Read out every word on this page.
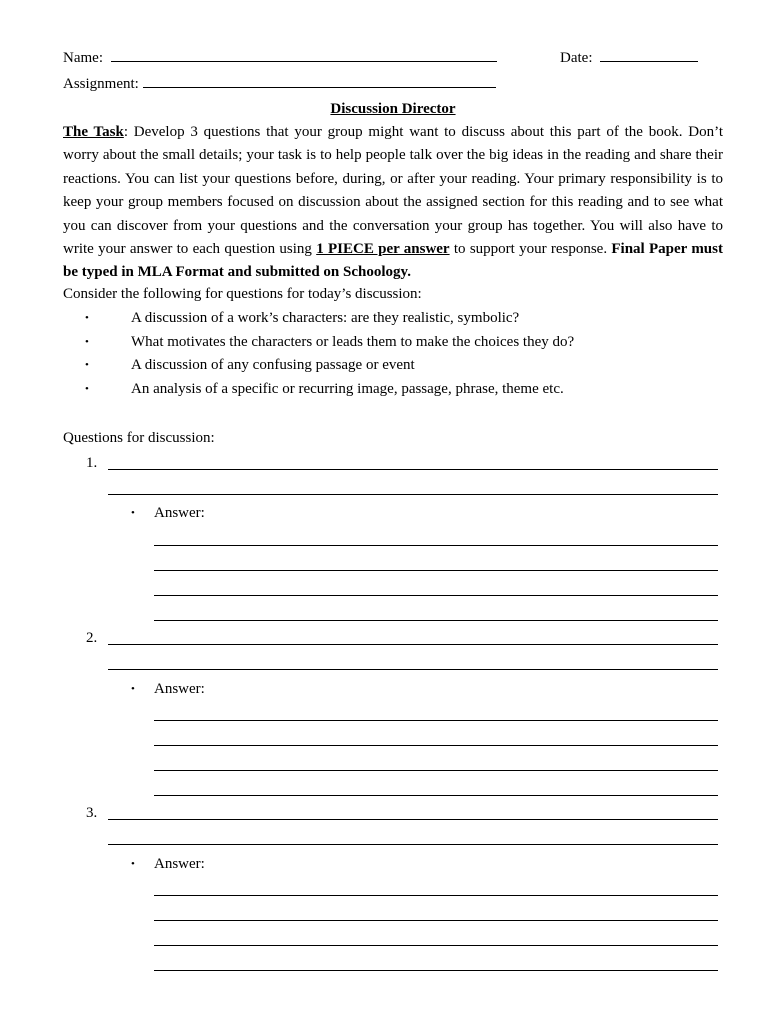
Name:	Date:
Assignment:
Discussion Director
The Task: Develop 3 questions that your group might want to discuss about this part of the book. Don’t worry about the small details; your task is to help people talk over the big ideas in the reading and share their reactions. You can list your questions before, during, or after your reading. Your primary responsibility is to keep your group members focused on discussion about the assigned section for this reading and to see what you can discover from your questions and the conversation your group has together. You will also have to write your answer to each question using 1 PIECE per answer to support your response. Final Paper must be typed in MLA Format and submitted on Schoology.
Consider the following for questions for today’s discussion:
•	A discussion of a work’s characters: are they realistic, symbolic?
•	What motivates the characters or leads them to make the choices they do?
•	A discussion of any confusing passage or event
•	An analysis of a specific or recurring image, passage, phrase, theme etc.
Questions for discussion:
1.
• Answer:
2.
• Answer:
3.
• Answer:
